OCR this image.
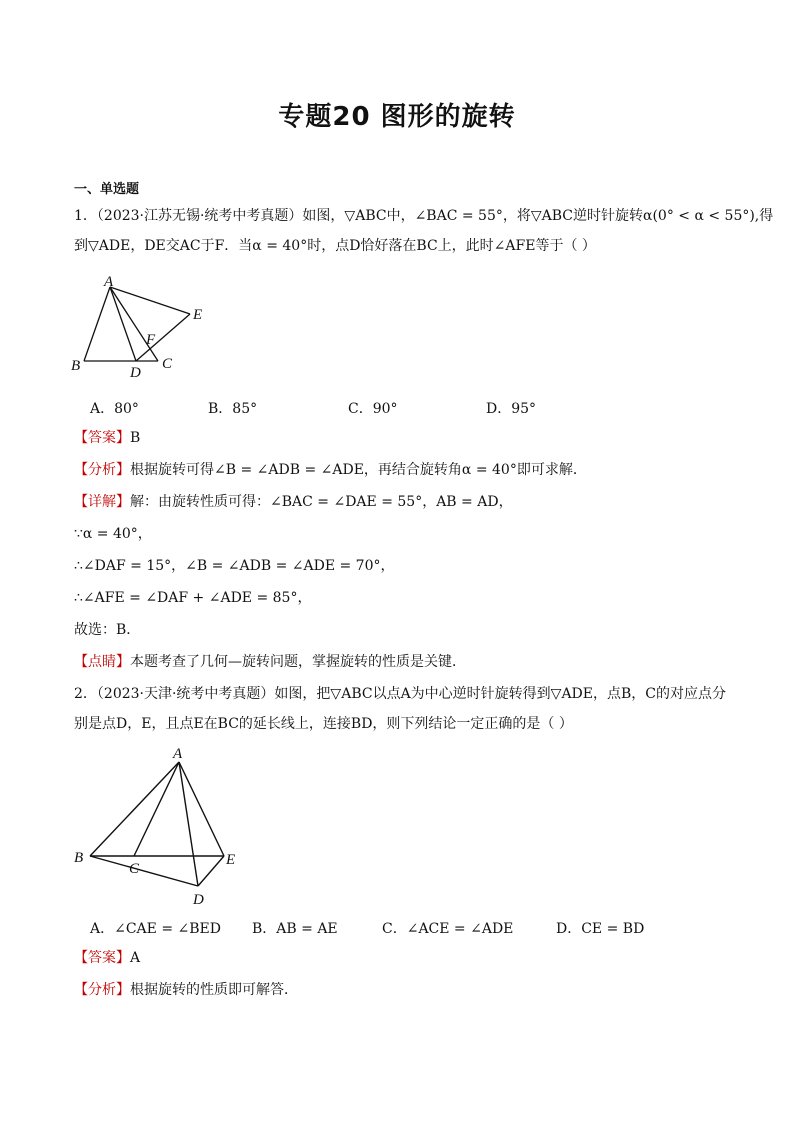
专题20 图形的旋转
一、单选题
1．（2023·江苏无锡·统考中考真题）如图，▽ABC中，∠BAC = 55°，将▽ABC逆时针旋转α(0° < α < 55°),得
到▽ADE，DE交AC于F．当α = 40°时，点D恰好落在BC上，此时∠AFE等于（ ）
A
B	C
D
E
F
A．80°	B．85°	C．90°	D．95°
【答案】B
【分析】根据旋转可得∠B = ∠ADB = ∠ADE，再结合旋转角α = 40°即可求解．
【详解】解：由旋转性质可得：∠BAC = ∠DAE = 55°，AB = AD，
∵α = 40°，
∴∠DAF = 15°，∠B = ∠ADB = ∠ADE = 70°，
∴∠AFE = ∠DAF + ∠ADE = 85°，
故选：B．
【点睛】本题考查了几何—旋转问题，掌握旋转的性质是关键．
2．（2023·天津·统考中考真题）如图，把▽ABC以点A为中心逆时针旋转得到▽ADE，点B，C的对应点分
别是点D，E，且点E在BC的延长线上，连接BD，则下列结论一定正确的是（ ）
A
B
C
D
E
A．∠CAE = ∠BED B．AB = AE	C．∠ACE = ∠ADE	D．CE = BD
【答案】A
【分析】根据旋转的性质即可解答．
